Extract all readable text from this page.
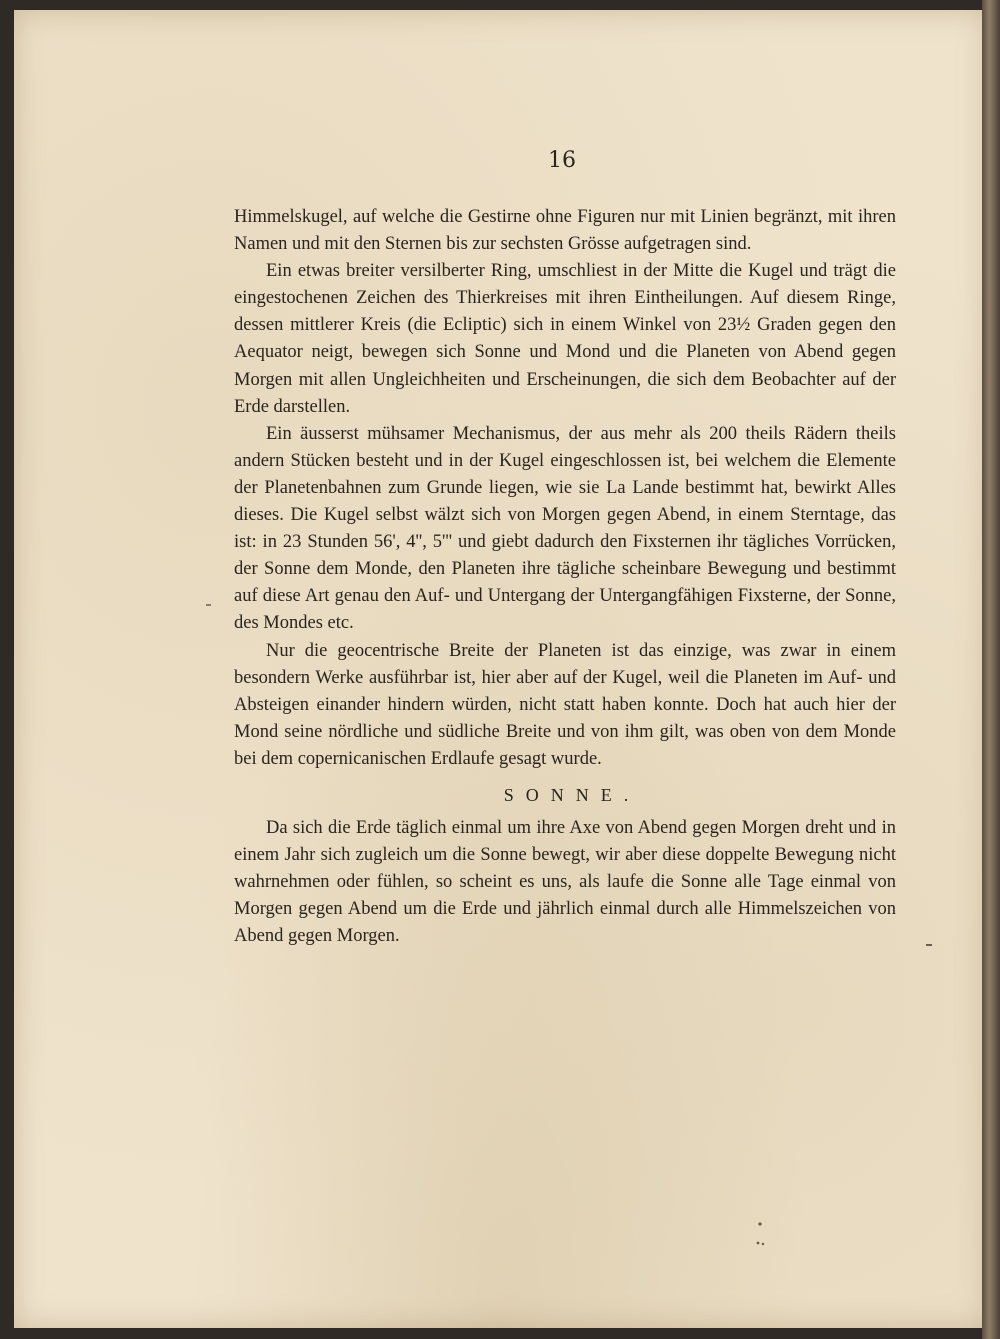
16

Himmelskugel, auf welche die Gestirne ohne Figuren nur mit Linien begränzt, mit ihren Namen und mit den Sternen bis zur sechsten Grösse aufgetragen sind.

Ein etwas breiter versilberter Ring, umschliest in der Mitte die Kugel und trägt die eingestochenen Zeichen des Thierkreises mit ihren Eintheilungen. Auf diesem Ringe, dessen mittlerer Kreis (die Ecliptic) sich in einem Winkel von 23½ Graden gegen den Aequator neigt, bewegen sich Sonne und Mond und die Planeten von Abend gegen Morgen mit allen Ungleichheiten und Erscheinungen, die sich dem Beobachter auf der Erde darstellen.

Ein äusserst mühsamer Mechanismus, der aus mehr als 200 theils Rädern theils andern Stücken besteht und in der Kugel eingeschlossen ist, bei welchem die Elemente der Planetenbahnen zum Grunde liegen, wie sie La Lande bestimmt hat, bewirkt Alles dieses. Die Kugel selbst wälzt sich von Morgen gegen Abend, in einem Sterntage, das ist: in 23 Stunden 56', 4'', 5''' und giebt dadurch den Fixsternen ihr tägliches Vorrücken, der Sonne dem Monde, den Planeten ihre tägliche scheinbare Bewegung und bestimmt auf diese Art genau den Auf- und Untergang der Untergangfähigen Fixsterne, der Sonne, des Mondes etc.

Nur die geocentrische Breite der Planeten ist das einzige, was zwar in einem besondern Werke ausführbar ist, hier aber auf der Kugel, weil die Planeten im Auf- und Absteigen einander hindern würden, nicht statt haben konnte. Doch hat auch hier der Mond seine nördliche und südliche Breite und von ihm gilt, was oben von dem Monde bei dem copernicanischen Erdlaufe gesagt wurde.

SONNE.

Da sich die Erde täglich einmal um ihre Axe von Abend gegen Morgen dreht und in einem Jahr sich zugleich um die Sonne bewegt, wir aber diese doppelte Bewegung nicht wahrnehmen oder fühlen, so scheint es uns, als laufe die Sonne alle Tage einmal von Morgen gegen Abend um die Erde und jährlich einmal durch alle Himmelszeichen von Abend gegen Morgen.
